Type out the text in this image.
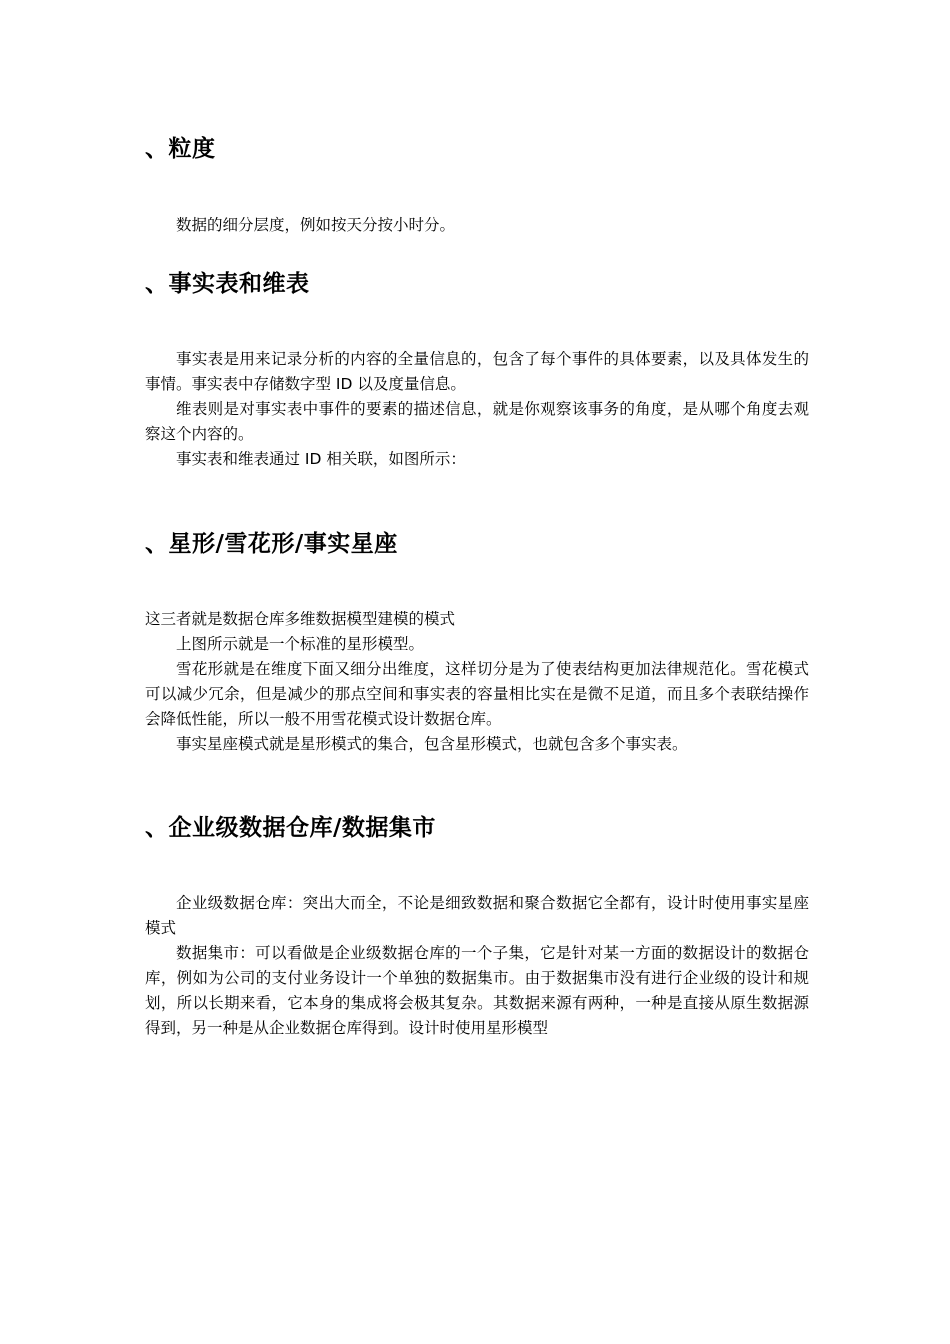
、粒度

数据的细分层度，例如按天分按小时分。

、事实表和维表

事实表是用来记录分析的内容的全量信息的，包含了每个事件的具体要素，以及具体发生的事情。事实表中存储数字型 ID 以及度量信息。

维表则是对事实表中事件的要素的描述信息，就是你观察该事务的角度，是从哪个角度去观察这个内容的。

事实表和维表通过 ID 相关联，如图所示：

、星形/雪花形/事实星座

这三者就是数据仓库多维数据模型建模的模式

上图所示就是一个标准的星形模型。

雪花形就是在维度下面又细分出维度，这样切分是为了使表结构更加法律规范化。雪花模式可以减少冗余，但是减少的那点空间和事实表的容量相比实在是微不足道，而且多个表联结操作会降低性能，所以一般不用雪花模式设计数据仓库。

事实星座模式就是星形模式的集合，包含星形模式，也就包含多个事实表。

、企业级数据仓库/数据集市

企业级数据仓库：突出大而全，不论是细致数据和聚合数据它全都有，设计时使用事实星座模式

数据集市：可以看做是企业级数据仓库的一个子集，它是针对某一方面的数据设计的数据仓库，例如为公司的支付业务设计一个单独的数据集市。由于数据集市没有进行企业级的设计和规划，所以长期来看，它本身的集成将会极其复杂。其数据来源有两种，一种是直接从原生数据源得到，另一种是从企业数据仓库得到。设计时使用星形模型
